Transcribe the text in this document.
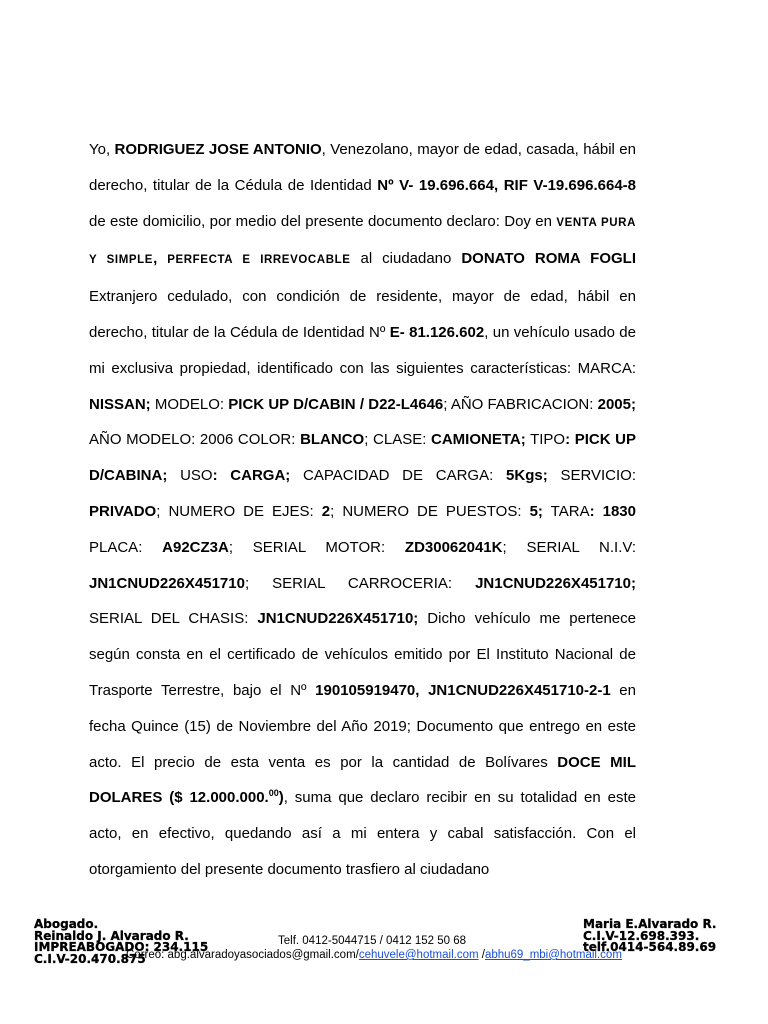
Yo, RODRIGUEZ JOSE ANTONIO, Venezolano, mayor de edad, casada, hábil en derecho, titular de la Cédula de Identidad Nº V- 19.696.664, RIF V-19.696.664-8 de este domicilio, por medio del presente documento declaro: Doy en VENTA PURA Y SIMPLE, PERFECTA E IRREVOCABLE al ciudadano DONATO ROMA FOGLI Extranjero cedulado, con condición de residente, mayor de edad, hábil en derecho, titular de la Cédula de Identidad Nº E- 81.126.602, un vehículo usado de mi exclusiva propiedad, identificado con las siguientes características: MARCA: NISSAN; MODELO: PICK UP D/CABIN / D22-L4646; AÑO FABRICACION: 2005; AÑO MODELO: 2006 COLOR: BLANCO; CLASE: CAMIONETA; TIPO: PICK UP D/CABINA; USO: CARGA; CAPACIDAD DE CARGA: 5Kgs; SERVICIO: PRIVADO; NUMERO DE EJES: 2; NUMERO DE PUESTOS: 5; TARA: 1830 PLACA: A92CZ3A; SERIAL MOTOR: ZD30062041K; SERIAL N.I.V: JN1CNUD226X451710; SERIAL CARROCERIA: JN1CNUD226X451710; SERIAL DEL CHASIS: JN1CNUD226X451710; Dicho vehículo me pertenece según consta en el certificado de vehículos emitido por El Instituto Nacional de Trasporte Terrestre, bajo el Nº 190105919470, JN1CNUD226X451710-2-1 en fecha Quince (15) de Noviembre del Año 2019; Documento que entrego en este acto. El precio de esta venta es por la cantidad de Bolívares DOCE MIL DOLARES ($ 12.000.000.00), suma que declaro recibir en su totalidad en este acto, en efectivo, quedando así a mi entera y cabal satisfacción. Con el otorgamiento del presente documento trasfiero al ciudadano

Abogado.
Reinaldo J. Alvarado R.
IMPREABOGADO: 234.115
C.I.V-20.470.875
Maria E.Alvarado R.
C.I.V-12.698.393.
telf.0414-564.89.69
Telf. 0412-5044715 / 0412 152 50 68
Correo: abg.alvaradoyasociados@gmail.com/cehuvele@hotmail.com /abhu69_mbi@hotmail.com
